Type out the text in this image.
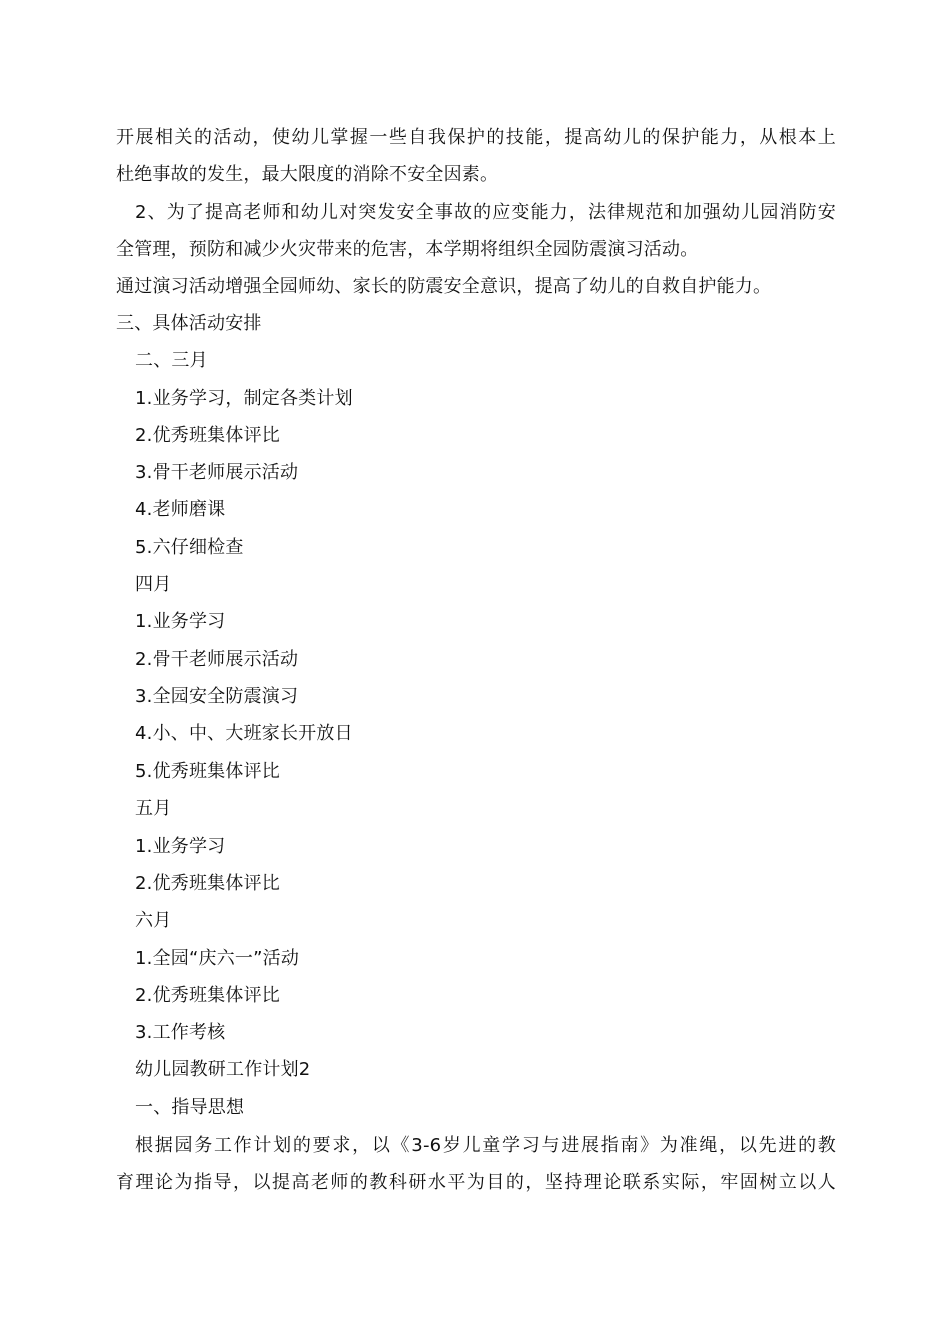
开展相关的活动，使幼儿掌握一些自我保护的技能，提高幼儿的保护能力，从根本上
杜绝事故的发生，最大限度的消除不安全因素。
2、为了提高老师和幼儿对突发安全事故的应变能力，法律规范和加强幼儿园消防安
全管理，预防和减少火灾带来的危害，本学期将组织全园防震演习活动。
通过演习活动增强全园师幼、家长的防震安全意识，提高了幼儿的自救自护能力。
三、具体活动安排
二、三月
1.业务学习，制定各类计划
2.优秀班集体评比
3.骨干老师展示活动
4.老师磨课
5.六仔细检查
四月
1.业务学习
2.骨干老师展示活动
3.全园安全防震演习
4.小、中、大班家长开放日
5.优秀班集体评比
五月
1.业务学习
2.优秀班集体评比
六月
1.全园“庆六一”活动
2.优秀班集体评比
3.工作考核
幼儿园教研工作计划2
一、指导思想
根据园务工作计划的要求，以《3-6岁儿童学习与进展指南》为准绳，以先进的教
育理论为指导，以提高老师的教科研水平为目的，坚持理论联系实际，牢固树立以人
